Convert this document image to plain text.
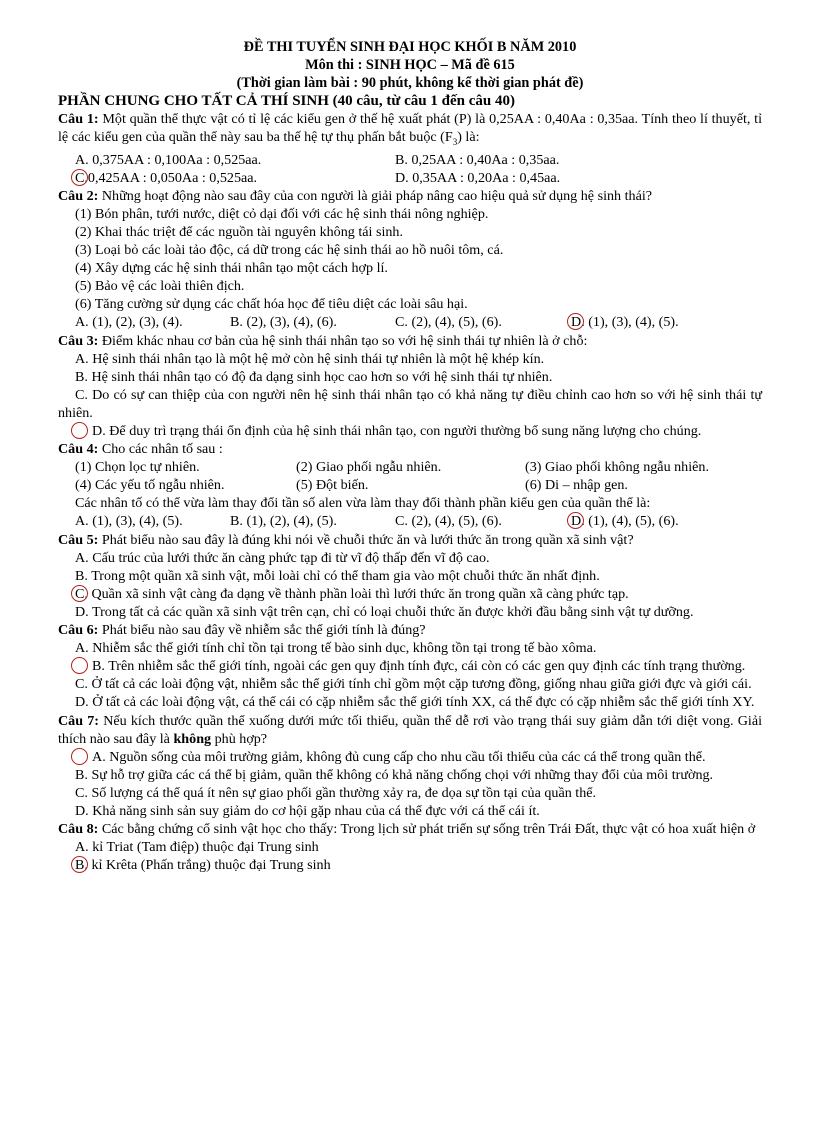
ĐỀ THI TUYỂN SINH ĐẠI HỌC KHỐI B NĂM 2010
Môn thi : SINH HỌC – Mã đề 615
(Thời gian làm bài : 90 phút, không kể thời gian phát đề)
PHẦN CHUNG CHO TẤT CẢ THÍ SINH (40 câu, từ câu 1 đến câu 40)
Câu 1: Một quần thể thực vật có tỉ lệ các kiểu gen ở thế hệ xuất phát (P) là 0,25AA : 0,40Aa : 0,35aa. Tính theo lí thuyết, tỉ lệ các kiểu gen của quần thể này sau ba thế hệ tự thụ phấn bắt buộc $(F_3)$ là:
A. 0,375AA : 0,100Aa : 0,525aa.	B. 0,25AA : 0,40Aa : 0,35aa.
C.0,425AA : 0,050Aa : 0,525aa.	D. 0,35AA : 0,20Aa : 0,45aa.
Câu 2: Những hoạt động nào sau đây của con người là giải pháp nâng cao hiệu quả sử dụng hệ sinh thái?
(1) Bón phân, tưới nước, diệt cỏ dại đối với các hệ sinh thái nông nghiệp.
(2) Khai thác triệt để các nguồn tài nguyên không tái sinh.
(3) Loại bỏ các loài tảo độc, cá dữ trong các hệ sinh thái ao hồ nuôi tôm, cá.
(4) Xây dựng các hệ sinh thái nhân tạo một cách hợp lí.
(5) Bảo vệ các loài thiên địch.
(6) Tăng cường sử dụng các chất hóa học để tiêu diệt các loài sâu hại.
A. (1), (2), (3), (4).	B. (2), (3), (4), (6).	C. (2), (4), (5), (6).	D. (1), (3), (4), (5).
Câu 3: Điểm khác nhau cơ bản của hệ sinh thái nhân tạo so với hệ sinh thái tự nhiên là ở chỗ:
A. Hệ sinh thái nhân tạo là một hệ mở còn hệ sinh thái tự nhiên là một hệ khép kín.
B. Hệ sinh thái nhân tạo có độ đa dạng sinh học cao hơn so với hệ sinh thái tự nhiên.
C. Do có sự can thiệp của con người nên hệ sinh thái nhân tạo có khả năng tự điều chỉnh cao hơn so với hệ sinh thái tự nhiên.
D. Để duy trì trạng thái ổn định của hệ sinh thái nhân tạo, con người thường bổ sung năng lượng cho chúng.
Câu 4: Cho các nhân tố sau :
(1) Chọn lọc tự nhiên.	(2) Giao phối ngẫu nhiên.	(3) Giao phối không ngẫu nhiên.
(4) Các yếu tố ngẫu nhiên.	(5) Đột biến.	(6) Di – nhập gen.
Các nhân tố có thể vừa làm thay đổi tần số alen vừa làm thay đổi thành phần kiểu gen của quần thể là:
A. (1), (3), (4), (5).	B. (1), (2), (4), (5).	C. (2), (4), (5), (6).	D. (1), (4), (5), (6).
Câu 5: Phát biểu nào sau đây là đúng khi nói về chuỗi thức ăn và lưới thức ăn trong quần xã sinh vật?
A. Cấu trúc của lưới thức ăn càng phức tạp đi từ vĩ độ thấp đến vĩ độ cao.
B. Trong một quần xã sinh vật, mỗi loài chỉ có thể tham gia vào một chuỗi thức ăn nhất định.
C. Quần xã sinh vật càng đa dạng về thành phần loài thì lưới thức ăn trong quần xã càng phức tạp.
D. Trong tất cả các quần xã sinh vật trên cạn, chỉ có loại chuỗi thức ăn được khởi đầu bằng sinh vật tự dưỡng.
Câu 6: Phát biểu nào sau đây về nhiễm sắc thể giới tính là đúng?
A. Nhiễm sắc thể giới tính chỉ tồn tại trong tế bào sinh dục, không tồn tại trong tế bào xôma.
B. Trên nhiễm sắc thể giới tính, ngoài các gen quy định tính đực, cái còn có các gen quy định các tính trạng thường.
C. Ở tất cả các loài động vật, nhiễm sắc thể giới tính chỉ gồm một cặp tương đồng, giống nhau giữa giới đực và giới cái.
D. Ở tất cả các loài động vật, cá thể cái có cặp nhiễm sắc thể giới tính XX, cá thể đực có cặp nhiễm sắc thể giới tính XY.
Câu 7: Nếu kích thước quần thể xuống dưới mức tối thiểu, quần thể dễ rơi vào trạng thái suy giảm dẫn tới diệt vong. Giải thích nào sau đây là không phù hợp?
A. Nguồn sống của môi trường giảm, không đủ cung cấp cho nhu cầu tối thiểu của các cá thể trong quần thể.
B. Sự hỗ trợ giữa các cá thể bị giảm, quần thể không có khả năng chống chọi với những thay đổi của môi trường.
C. Số lượng cá thể quá ít nên sự giao phối gần thường xảy ra, đe dọa sự tồn tại của quần thể.
D. Khả năng sinh sản suy giảm do cơ hội gặp nhau của cá thể đực với cá thể cái ít.
Câu 8: Các bằng chứng cổ sinh vật học cho thấy: Trong lịch sử phát triển sự sống trên Trái Đất, thực vật có hoa xuất hiện ở
A. kỉ Triat (Tam điệp) thuộc đại Trung sinh
B. kỉ Krêta (Phấn trắng) thuộc đại Trung sinh
